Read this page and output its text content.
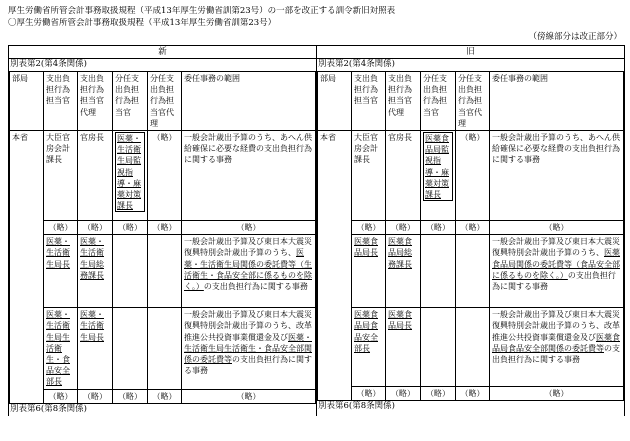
厚生労働省所管会計事務取扱規程（平成13年厚生労働省訓第23号）の一部を改正する訓令新旧対照表
〇厚生労働省所管会計事務取扱規程（平成13年厚生労働省訓第23号）
（傍線部分は改正部分）
新	旧

別表第2(第4条関係)
部局	支出負担行為担当官	支出負担行為担当官代理	分任支出負担行為担当官	分任支出負担行為担当官代理	委任事務の範囲
本省	大臣官房会計課長	官房長	医薬・生活衛生局監視指導・麻薬対策課長	（略）	一般会計歳出予算のうち、あへん供給確保に必要な経費の支出負担行為に関する事務
（略）	（略）	（略）	（略）	（略）
医薬・生活衛生局長	医薬・生活衛生局総務課長			一般会計歳出予算及び東日本大震災復興特別会計歳出予算のうち、医薬・生活衛生局関係の委託費等（生活衛生・食品安全部に係るものを除く。）の支出負担行為に関する事務
医薬・生活衛生局生活衛生・食品安全部長	医薬・生活衛生局長			一般会計歳出予算及び東日本大震災復興特別会計歳出予算のうち、改革推進公共投資事業償還金及び医薬・生活衛生局生活衛生・食品安全部関係の委託費等の支出負担行為に関する事務
（略）	（略）	（略）	（略）	（略）
別表第6(第8条関係)

別表第2(第4条関係)
部局	支出負担行為担当官	支出負担行為担当官代理	分任支出負担行為担当官	分任支出負担行為担当官代理	委任事務の範囲
本省	大臣官房会計課長	官房長	医薬食品局監視指導・麻薬対策課長	（略）	一般会計歳出予算のうち、あへん供給確保に必要な経費の支出負担行為に関する事務
（略）	（略）	（略）	（略）	（略）
医薬食品局長	医薬食品局総務課長			一般会計歳出予算及び東日本大震災復興特別会計歳出予算のうち、医薬食品局関係の委託費等（食品安全部に係るものを除く。）の支出負担行為に関する事務
医薬食品局食品安全部長	医薬食品局長			一般会計歳出予算及び東日本大震災復興特別会計歳出予算のうち、改革推進公共投資事業償還金及び医薬食品局食品安全部関係の委託費等の支出負担行為に関する事務
（略）	（略）	（略）	（略）	（略）
別表第6(第8条関係)
